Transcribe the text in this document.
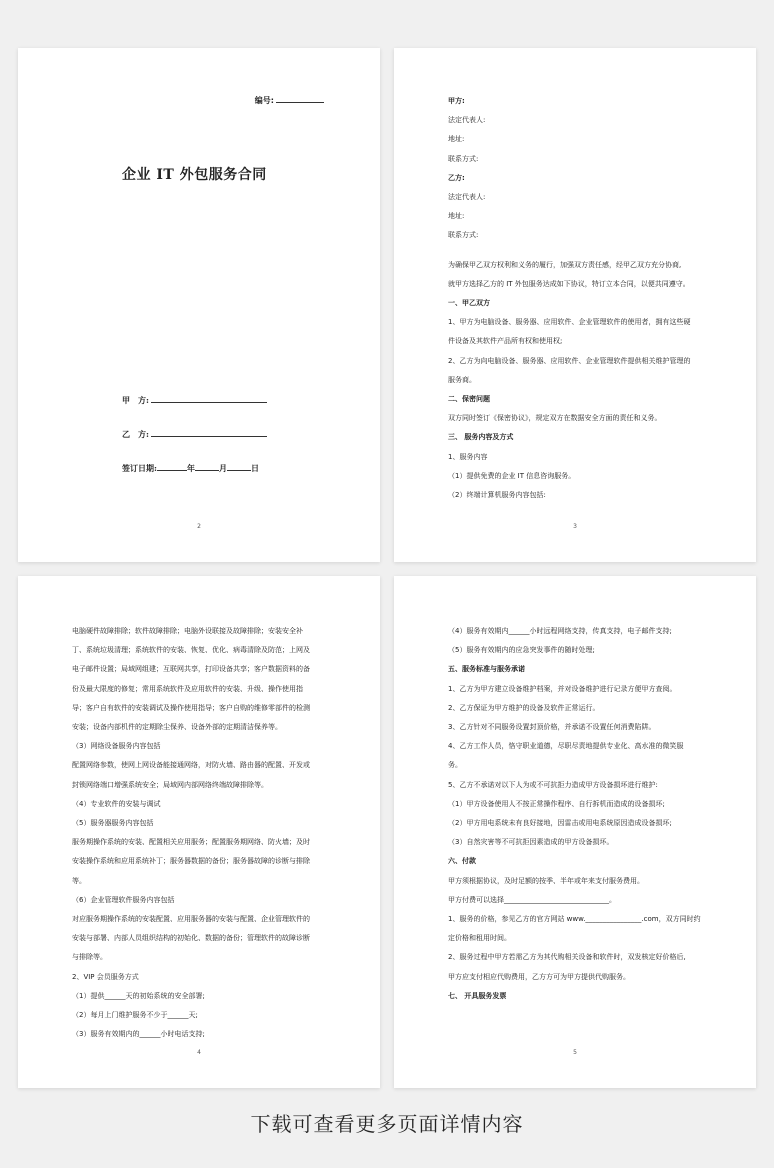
编号:
企业 IT 外包服务合同
甲　方:
乙　方:
签订日期:	年	月	日
2
甲方:
法定代表人:
地址:
联系方式:
乙方:
法定代表人:
地址:
联系方式:
为确保甲乙双方权利和义务的履行，加强双方责任感，经甲乙双方充分协商,
就甲方选择乙方的 IT 外包服务达成如下协议，特订立本合同，以便共同遵守。
一、甲乙双方
1、甲方为电脑设备、服务器、应用软件、企业管理软件的使用者，拥有这些硬
件设备及其软件产品所有权和使用权;
2、乙方为向电脑设备、服务器、应用软件、企业管理软件提供相关维护管理的
服务商。
二、保密问题
双方同时签订《保密协议》，规定双方在数据安全方面的责任和义务。
三、 服务内容及方式
1、服务内容
（1）提供免费的企业 IT 信息咨询服务。
（2）终端计算机服务内容包括:
3
电脑硬件故障排除；软件故障排除；电脑外设联接及故障排除；安装安全补
丁、系统垃圾清理；系统软件的安装、恢复、优化、病毒清除及防范；上网及
电子邮件设置；局域网组建；互联网共享，打印设备共享；客户数据资料的备
份及最大限度的修复；常用系统软件及应用软件的安装、升级、操作使用指
导；客户自有软件的安装调试及操作使用指导；客户自购的维修零部件的检测
安装；设备内部机件的定期除尘保养、设备外部的定期清洁保养等。
（3）网络设备服务内容包括
配置网络参数，使网上网设备能接通网络，对防火墙、路由器的配置、开发或
封锁网络端口增强系统安全；局域网内部网络终端故障排除等。
（4）专业软件的安装与调试
（5）服务器服务内容包括
服务期操作系统的安装、配置相关应用服务；配置服务期网络、防火墙；及时
安装操作系统和应用系统补丁；服务器数据的备份；服务器故障的诊断与排除
等。
（6）企业管理软件服务内容包括
对应服务期操作系统的安装配置、应用服务器的安装与配置、企业管理软件的
安装与部署、内部人员组织结构的初始化、数据的备份；管理软件的故障诊断
与排除等。
2、VIP 会员服务方式
（1）提供______天的初始系统的安全部署;
（2）每月上门维护服务不少于______天;
（3）服务有效期内的______小时电话支持;
4
（4）服务有效期内______小时远程网络支持，传真支持，电子邮件支持;
（5）服务有效期内的应急突发事件的随时处理;
五、服务标准与服务承诺
1、乙方为甲方建立设备维护档案，并对设备维护进行记录方便甲方查阅。
2、乙方保证为甲方维护的设备及软件正常运行。
3、乙方针对不同服务设置封顶价格，并承诺不设置任何消费陷阱。
4、乙方工作人员，恪守职业道德，尽职尽责地提供专业化、高水准的微笑服
务。
5、乙方不承诺对以下人为或不可抗拒力造成甲方设备损坏进行维护:
（1）甲方设备使用人不按正常操作程序、自行拆机而造成的设备损坏;
（2）甲方用电系统未有良好接地，因雷击或用电系统原因造成设备损坏;
（3）自然灾害等不可抗拒因素造成的甲方设备损坏。
六、付款
甲方须根据协议，及时足额的按季、半年或年来支付服务费用。
甲方付费可以选择______________________________。
1、服务的价格，参见乙方的官方网站 www.________________.com，双方同时约
定价格和租用时间。
2、服务过程中甲方若需乙方为其代购相关设备和软件时，双发核定好价格后,
甲方应支付相应代购费用，乙方方可为甲方提供代购服务。
七、 开具服务发票
5
下载可查看更多页面详情内容
